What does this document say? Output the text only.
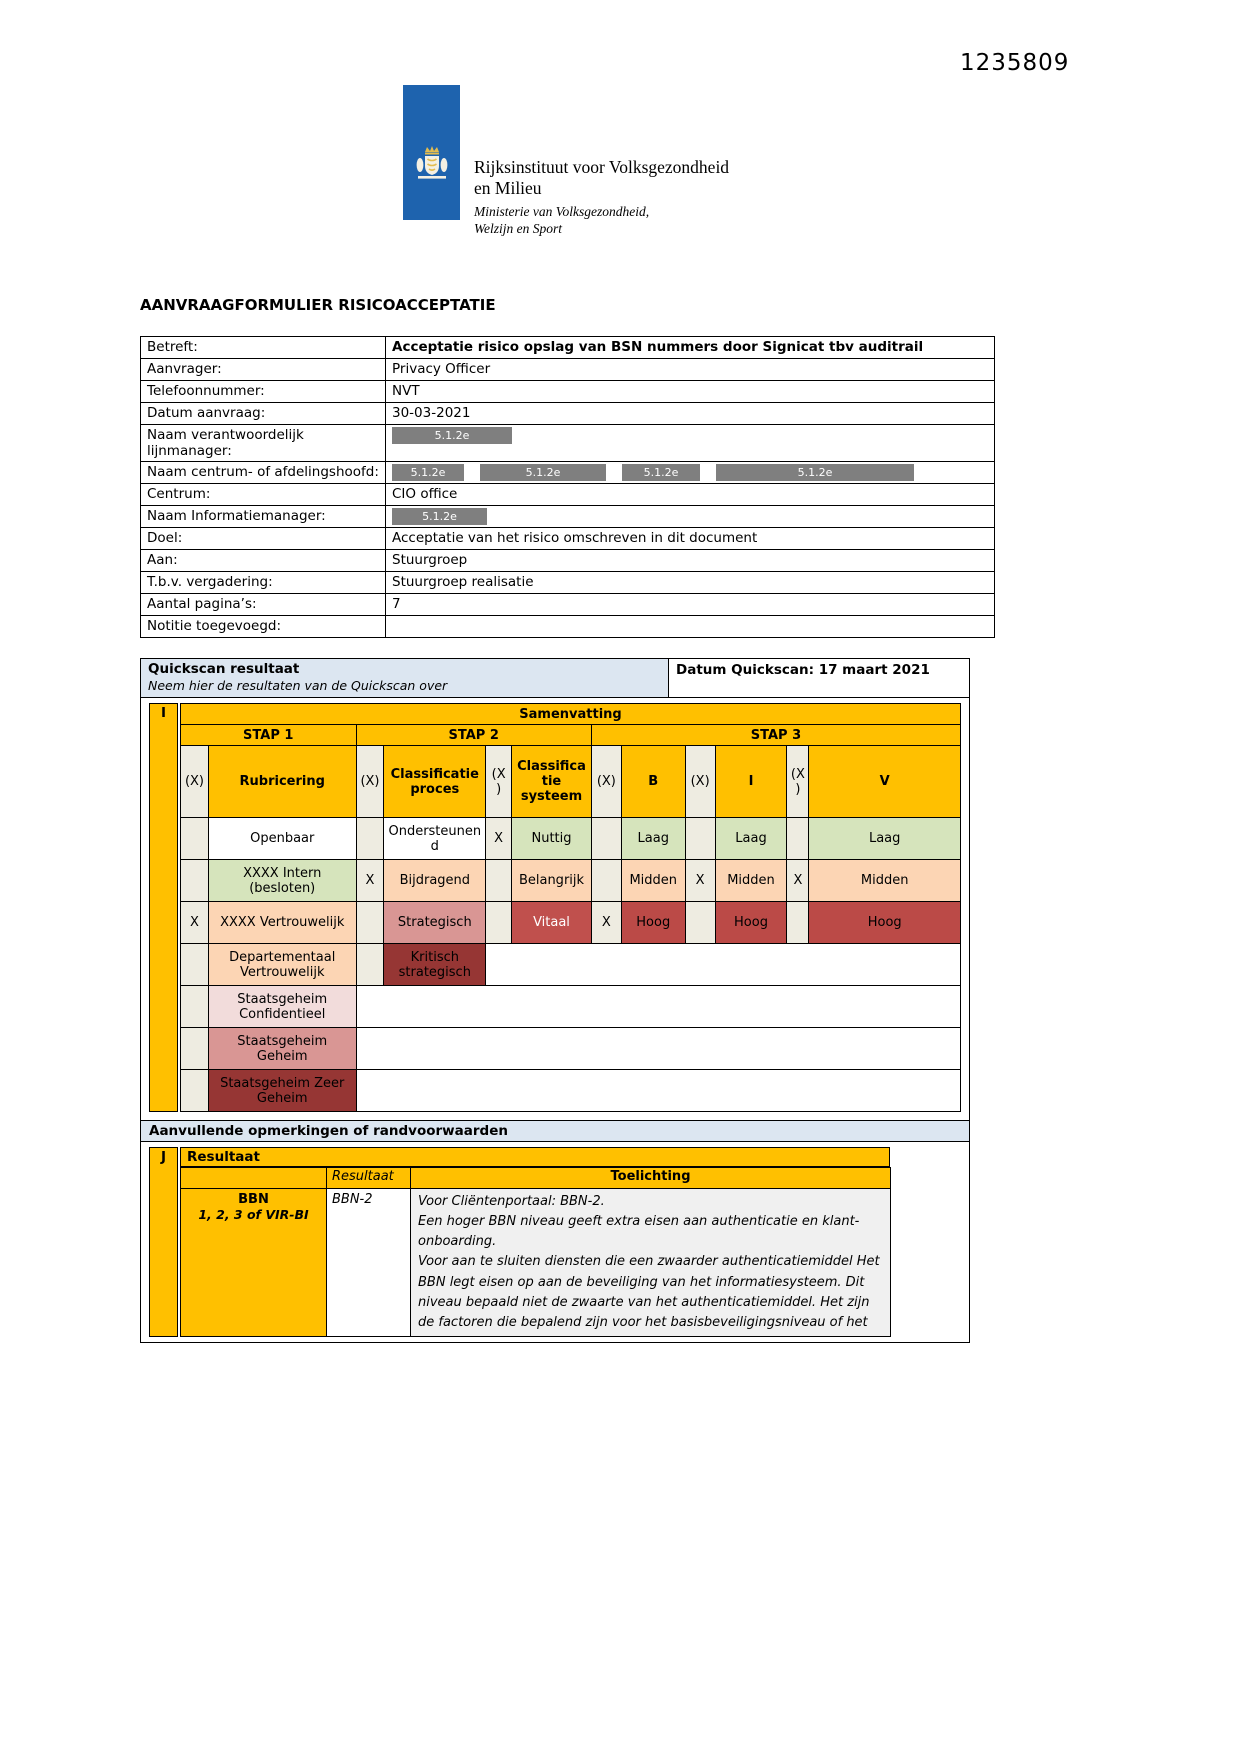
1235809
Rijksinstituut voor Volksgezondheid
en Milieu
Ministerie van Volksgezondheid,
Welzijn en Sport
AANVRAAGFORMULIER RISICOACCEPTATIE
Betreft:	Acceptatie risico opslag van BSN nummers door Signicat tbv auditrail
Aanvrager:	Privacy Officer
Telefoonnummer:	NVT
Datum aanvraag:	30-03-2021
Naam verantwoordelijk lijnmanager:	5.1.2e
Naam centrum- of afdelingshoofd:	5.1.2e 5.1.2e 5.1.2e 5.1.2e
Centrum:	CIO office
Naam Informatiemanager:	5.1.2e
Doel:	Acceptatie van het risico omschreven in dit document
Aan:	Stuurgroep
T.b.v. vergadering:	Stuurgroep realisatie
Aantal pagina’s:	7
Notitie toegevoegd:	
Quickscan resultaat
Neem hier de resultaten van de Quickscan over
Datum Quickscan: 17 maart 2021
I	Samenvatting											
STAP 1		STAP 2				STAP 3					
(X)	Rubricering	(X)	Classificatie proces	(X)	Classificatie systeem	(X)	B	(X)	I	(X)	V
	Openbaar		Ondersteunend	X	Nuttig		Laag		Laag		Laag
	XXXX Intern (besloten)	X	Bijdragend		Belangrijk		Midden	X	Midden	X	Midden
X	XXXX Vertrouwelijk		Strategisch		Vitaal	X	Hoog		Hoog		Hoog
	Departementaal Vertrouwelijk		Kritisch strategisch								
	Staatsgeheim Confidentieel										
	Staatsgeheim Geheim										
	Staatsgeheim Zeer Geheim										
Aanvullende opmerkingen of randvoorwaarden
J	Resultaat
	Resultaat	Toelichting

BBN
1, 2, 3 of VIR-BI
	BBN-2	Voor Cliëntenportaal: BBN-2.

Een hoger BBN niveau geeft extra eisen aan authenticatie en klant-onboarding.

Voor aan te sluiten diensten die een zwaarder authenticatiemiddel Het BBN legt eisen op aan de beveiliging van het informatiesysteem. Dit niveau bepaald niet de zwaarte van het authenticatiemiddel. Het zijn de factoren die bepalend zijn voor het basisbeveiligingsniveau of het
